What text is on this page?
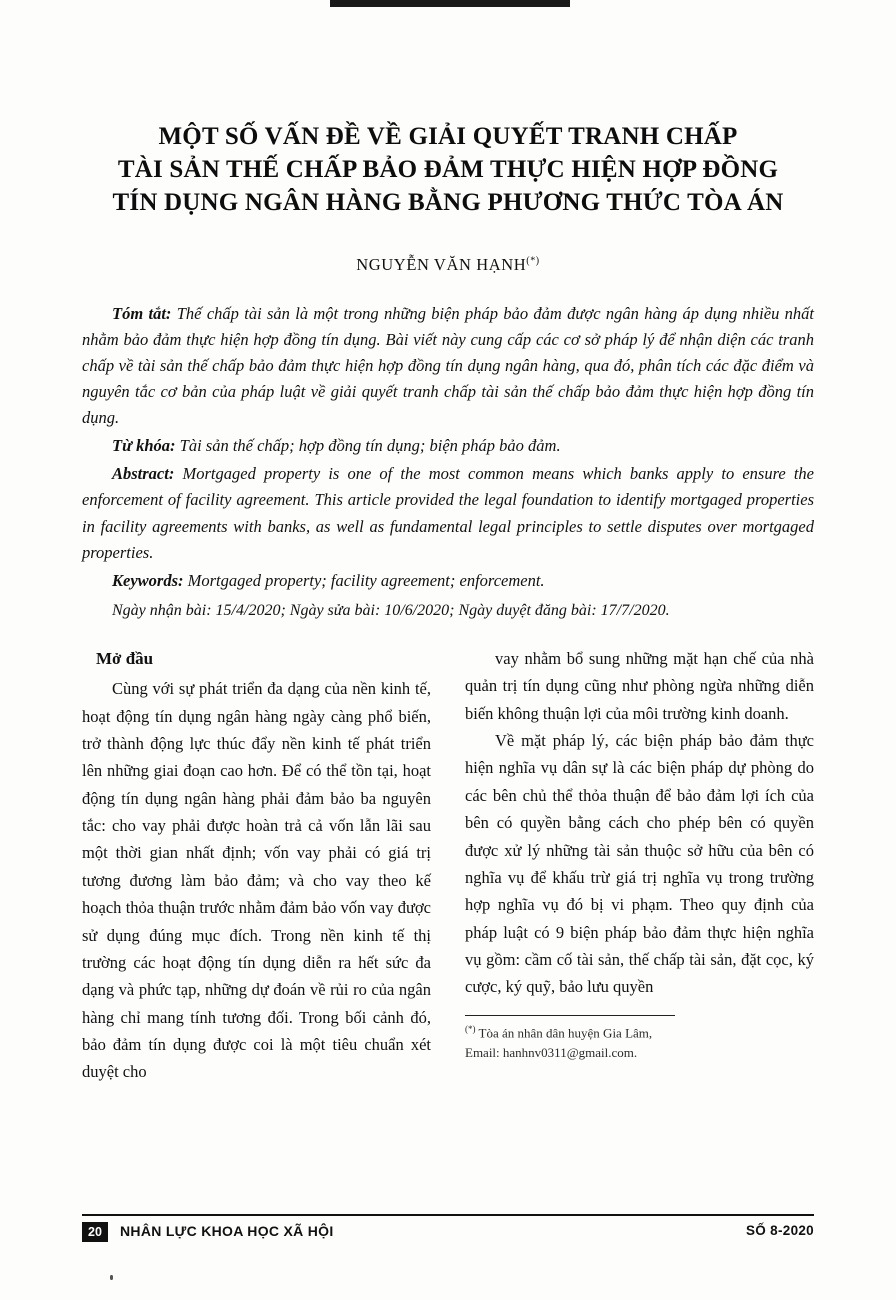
MỘT SỐ VẤN ĐỀ VỀ GIẢI QUYẾT TRANH CHẤP
TÀI SẢN THẾ CHẤP BẢO ĐẢM THỰC HIỆN HỢP ĐỒNG
TÍN DỤNG NGÂN HÀNG BẰNG PHƯƠNG THỨC TÒA ÁN
NGUYỄN VĂN HẠNH(*)

Tóm tắt: Thế chấp tài sản là một trong những biện pháp bảo đảm được ngân hàng áp dụng nhiều nhất nhằm bảo đảm thực hiện hợp đồng tín dụng. Bài viết này cung cấp các cơ sở pháp lý để nhận diện các tranh chấp về tài sản thế chấp bảo đảm thực hiện hợp đồng tín dụng ngân hàng, qua đó, phân tích các đặc điểm và nguyên tắc cơ bản của pháp luật về giải quyết tranh chấp tài sản thế chấp bảo đảm thực hiện hợp đồng tín dụng.

Từ khóa: Tài sản thế chấp; hợp đồng tín dụng; biện pháp bảo đảm.

Abstract: Mortgaged property is one of the most common means which banks apply to ensure the enforcement of facility agreement. This article provided the legal foundation to identify mortgaged properties in facility agreements with banks, as well as fundamental legal principles to settle disputes over mortgaged properties.

Keywords: Mortgaged property; facility agreement; enforcement.

Ngày nhận bài: 15/4/2020; Ngày sửa bài: 10/6/2020; Ngày duyệt đăng bài: 17/7/2020.
Mở đầu

Cùng với sự phát triển đa dạng của nền kinh tế, hoạt động tín dụng ngân hàng ngày càng phổ biến, trở thành động lực thúc đẩy nền kinh tế phát triển lên những giai đoạn cao hơn. Để có thể tồn tại, hoạt động tín dụng ngân hàng phải đảm bảo ba nguyên tắc: cho vay phải được hoàn trả cả vốn lẫn lãi sau một thời gian nhất định; vốn vay phải có giá trị tương đương làm bảo đảm; và cho vay theo kế hoạch thỏa thuận trước nhằm đảm bảo vốn vay được sử dụng đúng mục đích. Trong nền kinh tế thị trường các hoạt động tín dụng diễn ra hết sức đa dạng và phức tạp, những dự đoán về rủi ro của ngân hàng chỉ mang tính tương đối. Trong bối cảnh đó, bảo đảm tín dụng được coi là một tiêu chuẩn xét duyệt cho

vay nhằm bổ sung những mặt hạn chế của nhà quản trị tín dụng cũng như phòng ngừa những diễn biến không thuận lợi của môi trường kinh doanh.

Về mặt pháp lý, các biện pháp bảo đảm thực hiện nghĩa vụ dân sự là các biện pháp dự phòng do các bên chủ thể thỏa thuận để bảo đảm lợi ích của bên có quyền bằng cách cho phép bên có quyền được xử lý những tài sản thuộc sở hữu của bên có nghĩa vụ để khấu trừ giá trị nghĩa vụ trong trường hợp nghĩa vụ đó bị vi phạm. Theo quy định của pháp luật có 9 biện pháp bảo đảm thực hiện nghĩa vụ gồm: cầm cố tài sản, thế chấp tài sản, đặt cọc, ký cược, ký quỹ, bảo lưu quyền

(*) Tòa án nhân dân huyện Gia Lâm,
Email: hanhnv0311@gmail.com.
20	NHÂN LỰC KHOA HỌC XÃ HỘI	SỐ 8-2020
